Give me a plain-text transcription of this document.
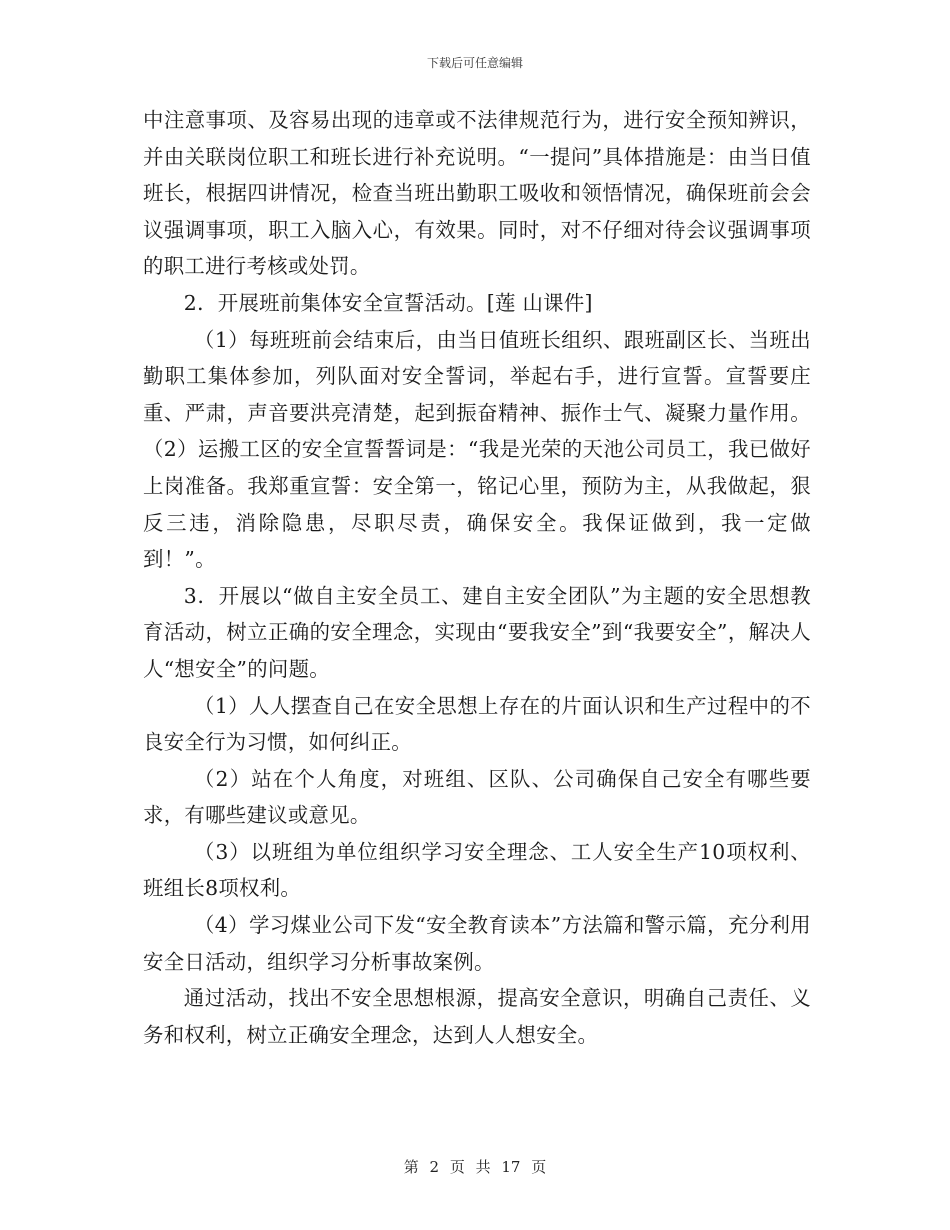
下载后可任意编辑

中注意事项、及容易出现的违章或不法律规范行为，进行安全预知辨识，并由关联岗位职工和班长进行补充说明。“一提问”具体措施是：由当日值班长，根据四讲情况，检查当班出勤职工吸收和领悟情况，确保班前会会议强调事项，职工入脑入心，有效果。同时，对不仔细对待会议强调事项的职工进行考核或处罚。

2．开展班前集体安全宣誓活动。[莲 山课件]

（1）每班班前会结束后，由当日值班长组织、跟班副区长、当班出勤职工集体参加，列队面对安全誓词，举起右手，进行宣誓。宣誓要庄重、严肃，声音要洪亮清楚，起到振奋精神、振作士气、凝聚力量作用。（2）运搬工区的安全宣誓誓词是：“我是光荣的天池公司员工，我已做好上岗准备。我郑重宣誓：安全第一，铭记心里，预防为主，从我做起，狠反三违，消除隐患，尽职尽责，确保安全。我保证做到，我一定做到！”。

3．开展以“做自主安全员工、建自主安全团队”为主题的安全思想教育活动，树立正确的安全理念，实现由“要我安全”到“我要安全”，解决人人“想安全”的问题。

（1）人人摆查自己在安全思想上存在的片面认识和生产过程中的不良安全行为习惯，如何纠正。

（2）站在个人角度，对班组、区队、公司确保自己安全有哪些要求，有哪些建议或意见。

（3）以班组为单位组织学习安全理念、工人安全生产10项权利、班组长8项权利。

（4）学习煤业公司下发“安全教育读本”方法篇和警示篇，充分利用安全日活动，组织学习分析事故案例。

通过活动，找出不安全思想根源，提高安全意识，明确自己责任、义务和权利，树立正确安全理念，达到人人想安全。

第 2 页 共 17 页
